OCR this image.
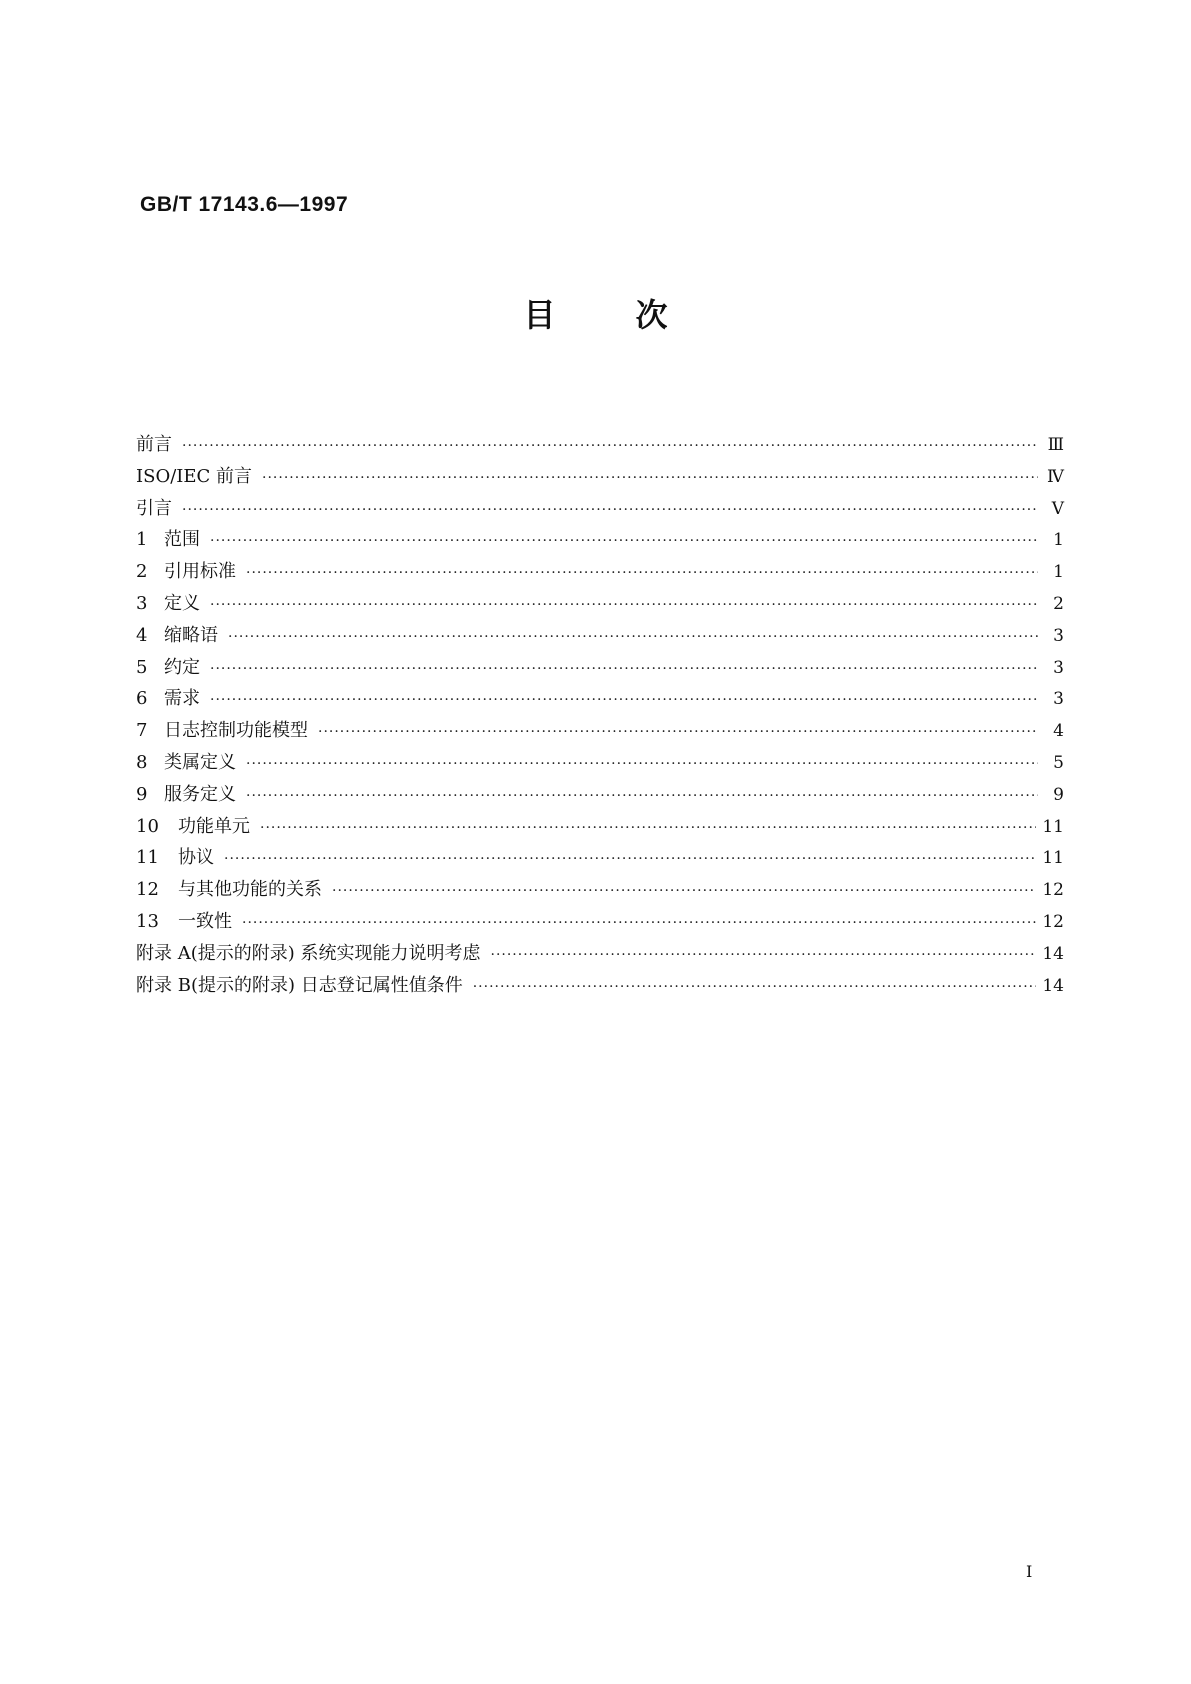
GB/T 17143.6—1997
目次
前言 ·····	Ⅲ
ISO/IEC 前言 ·····	Ⅳ
引言 ·····	Ⅴ
1 范围 ·····	1
2 引用标准 ·····	1
3 定义 ·····	2
4 缩略语 ·····	3
5 约定 ·····	3
6 需求 ·····	3
7 日志控制功能模型 ·····	4
8 类属定义 ·····	5
9 服务定义 ·····	9
10	功能单元 ·····	11
11	协议 ·····	11
12	与其他功能的关系 ·····	12
13	一致性 ·····	12
附录 A(提示的附录) 系统实现能力说明考虑 ·····	14
附录 B(提示的附录) 日志登记属性值条件 ·····	14
I
